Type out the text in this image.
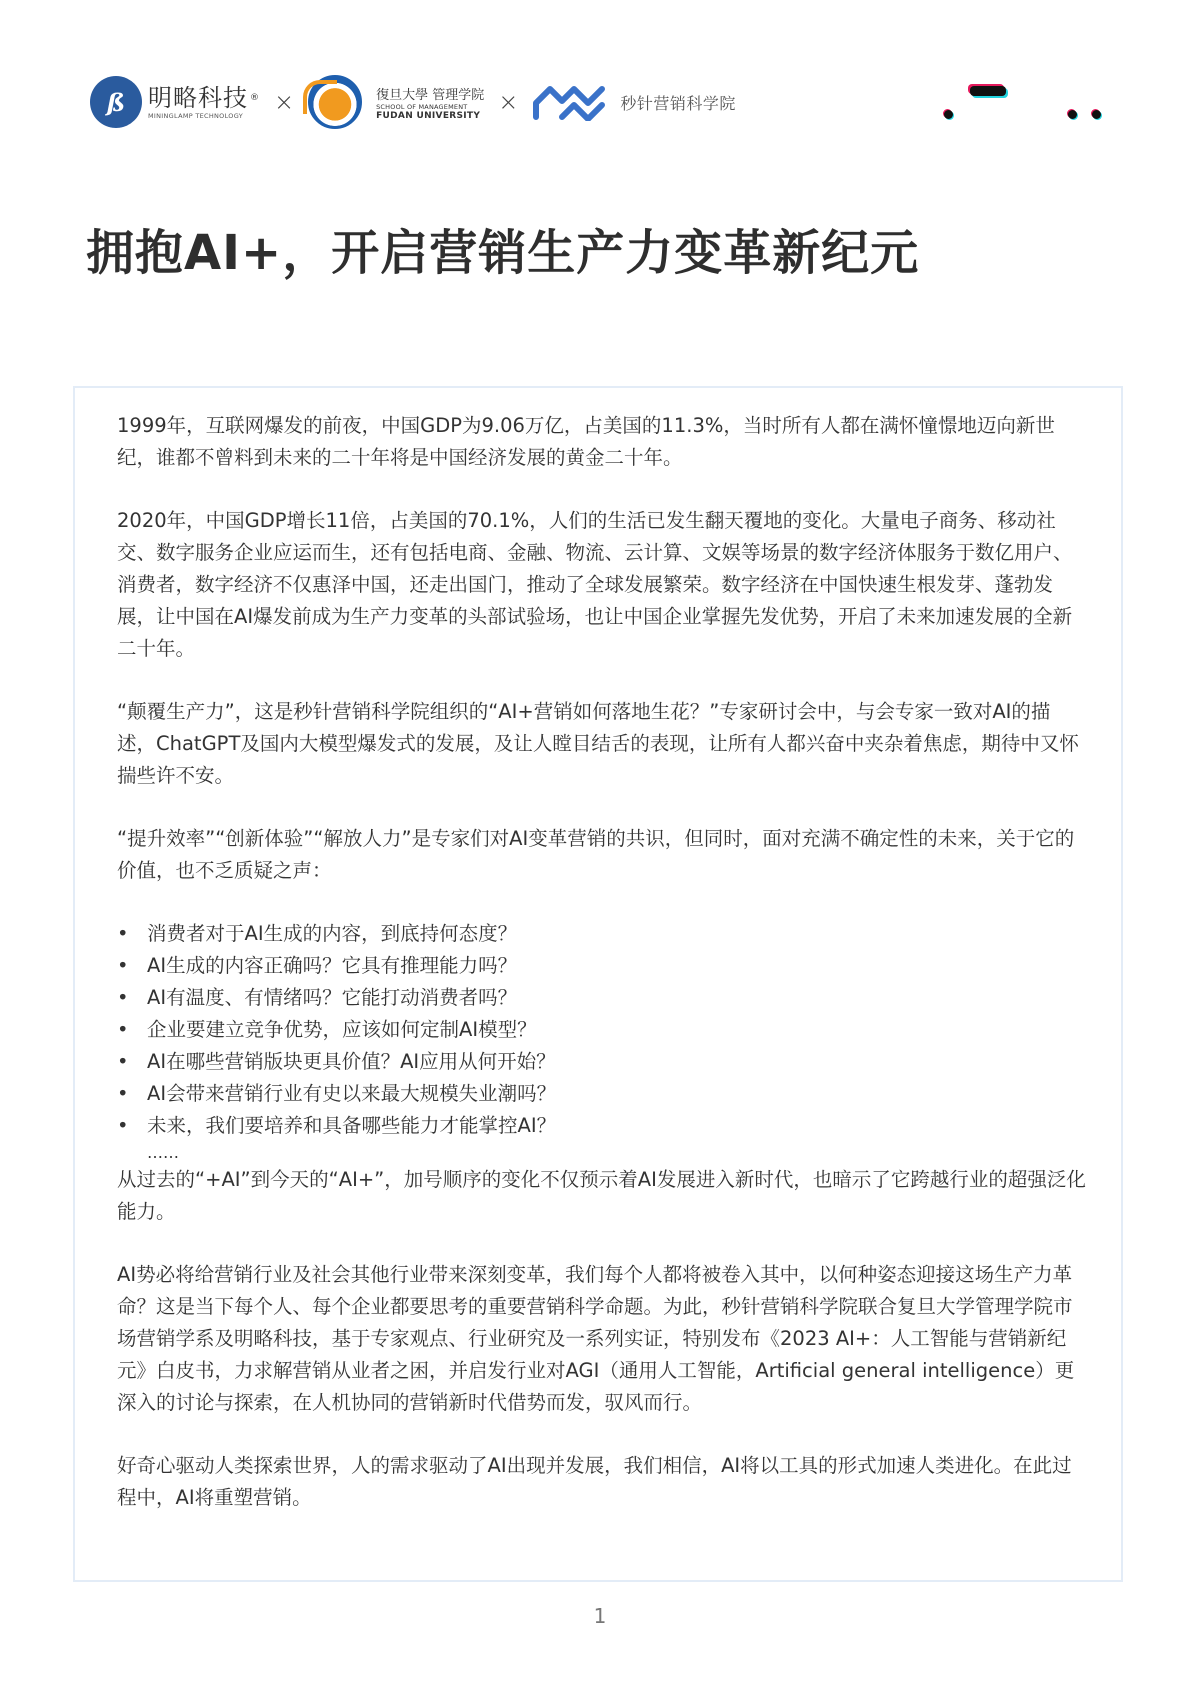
ß 明略科技 ®
MININGLAMP TECHNOLOGY	×	復旦大學 管理学院
SCHOOL OF MANAGEMENT
FUDAN UNIVERSITY ×	秒针营销科学院
拥抱AI+，开启营销生产力变革新纪元

1999年，互联网爆发的前夜，中国GDP为9.06万亿，占美国的11.3%，当时所有人都在满怀憧憬地迈向新世纪，谁都不曾料到未来的二十年将是中国经济发展的黄金二十年。

2020年，中国GDP增长11倍，占美国的70.1%，人们的生活已发生翻天覆地的变化。大量电子商务、移动社交、数字服务企业应运而生，还有包括电商、金融、物流、云计算、文娱等场景的数字经济体服务于数亿用户、消费者，数字经济不仅惠泽中国，还走出国门，推动了全球发展繁荣。数字经济在中国快速生根发芽、蓬勃发展，让中国在AI爆发前成为生产力变革的头部试验场，也让中国企业掌握先发优势，开启了未来加速发展的全新二十年。

“颠覆生产力”，这是秒针营销科学院组织的“AI+营销如何落地生花？”专家研讨会中，与会专家一致对AI的描述，ChatGPT及国内大模型爆发式的发展，及让人瞠目结舌的表现，让所有人都兴奋中夹杂着焦虑，期待中又怀揣些许不安。

“提升效率”“创新体验”“解放人力”是专家们对AI变革营销的共识，但同时，面对充满不确定性的未来，关于它的价值，也不乏质疑之声：

• 消费者对于AI生成的内容，到底持何态度？
• AI生成的内容正确吗？它具有推理能力吗？
• AI有温度、有情绪吗？它能打动消费者吗？
• 企业要建立竞争优势，应该如何定制AI模型？
• AI在哪些营销版块更具价值？AI应用从何开始？
• AI会带来营销行业有史以来最大规模失业潮吗？
• 未来，我们要培养和具备哪些能力才能掌控AI？
……

从过去的“+AI”到今天的“AI+”，加号顺序的变化不仅预示着AI发展进入新时代，也暗示了它跨越行业的超强泛化能力。

AI势必将给营销行业及社会其他行业带来深刻变革，我们每个人都将被卷入其中，以何种姿态迎接这场生产力革命？这是当下每个人、每个企业都要思考的重要营销科学命题。为此，秒针营销科学院联合复旦大学管理学院市场营销学系及明略科技，基于专家观点、行业研究及一系列实证，特别发布《2023 AI+：人工智能与营销新纪元》白皮书，力求解营销从业者之困，并启发行业对AGI（通用人工智能，Artificial general intelligence）更深入的讨论与探索，在人机协同的营销新时代借势而发，驭风而行。

好奇心驱动人类探索世界，人的需求驱动了AI出现并发展，我们相信，AI将以工具的形式加速人类进化。在此过程中，AI将重塑营销。

1
